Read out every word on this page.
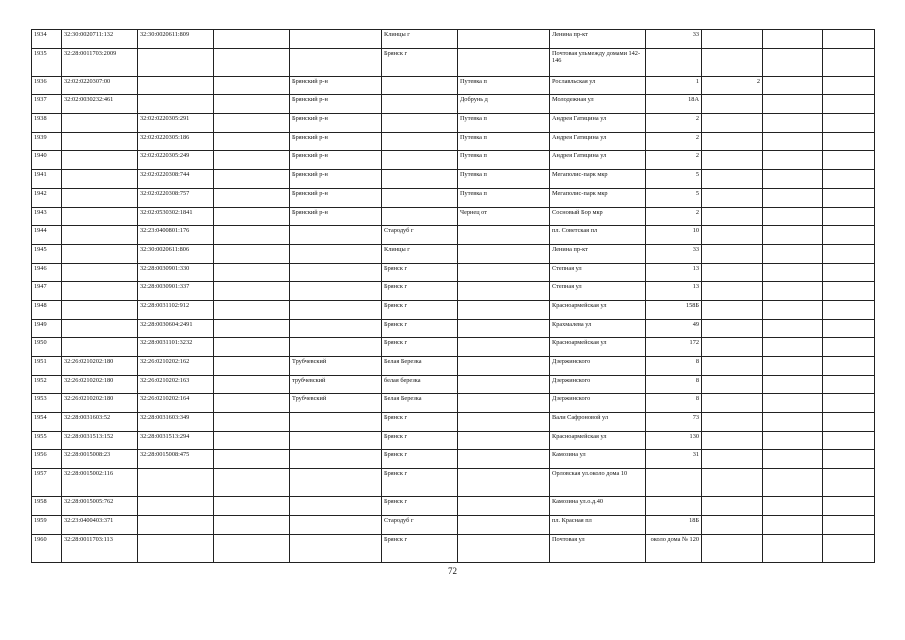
1934	32:30:0020711:132	32:30:0020611:809			Клинцы г		Ленина пр-кт	33			
1935	32:28:0011703:2009				Брянск г		Почтовая ульмежду домами 142-146				
1936	32:02:0220307:00			Брянский р-н		Путевка п	Рославльская ул	1	2		
1937	32:02:0030232:461			Брянский р-н		Добрунь д	Молодежная ул	18А			
1938		32:02:0220305:291		Брянский р-н		Путевка п	Андрея Гатицина ул	2			
1939		32:02:0220305:186		Брянский р-н		Путевка п	Андрея Гатицина ул	2			
1940		32:02:0220305:249		Брянский р-н		Путевка п	Андрея Гатицина ул	2			
1941		32:02:0220308:744		Брянский р-н		Путевка п	Мегаполис-парк мкр	5			
1942		32:02:0220308:757		Брянский р-н		Путевка п	Мегаполис-парк мкр	5			
1943		32:02:0530302:1841		Брянский р-н		Чернец от	Сосновый Бор мкр	2			
1944		32:23:0400801:176			Стародуб г		пл. Советская пл	10			
1945		32:30:0020611:806			Клинцы г		Ленина пр-кт	33			
1946		32:28:0030901:330			Брянск г		Степная ул	13			
1947		32:28:0030901:337			Брянск г		Степная ул	13			
1948		32:28:0031102:912			Брянск г		Красноармейская ул	158Б			
1949		32:28:0030604:2491			Брянск г		Крахмалева ул	49			
1950		32:28:0031101:3232			Брянск г		Красноармейская ул	172			
1951	32:26:0210202:180	32:26:0210202:162		Трубчевский	Белая Березка		Дзержинского	8			
1952	32:26:0210202:180	32:26:0210202:163		трубчевский	белая березка		Дзержинского	8			
1953	32:26:0210202:180	32:26:0210202:164		Трубчевский	Белая Березка		Дзержинского	8			
1954	32:28:0031603:52	32:28:0031603:349			Брянск г		Вали Сафроновой ул	73			
1955	32:28:0031513:152	32:28:0031513:294			Брянск г		Красноармейская ул	130			
1956	32:28:0015008:23	32:28:0015008:475			Брянск г		Камозина ул	31			
1957	32:28:0015002:116				Брянск г		Орловская ул.около дома 10				
1958	32:28:0015005:762				Брянск г		Камозина ул.о.д.40				
1959	32:23:0400403:371				Стародуб г		пл. Красная пл	18Б			
1960	32:28:0011703:113				Брянск г		Почтовая ул	около дома № 120			
72
